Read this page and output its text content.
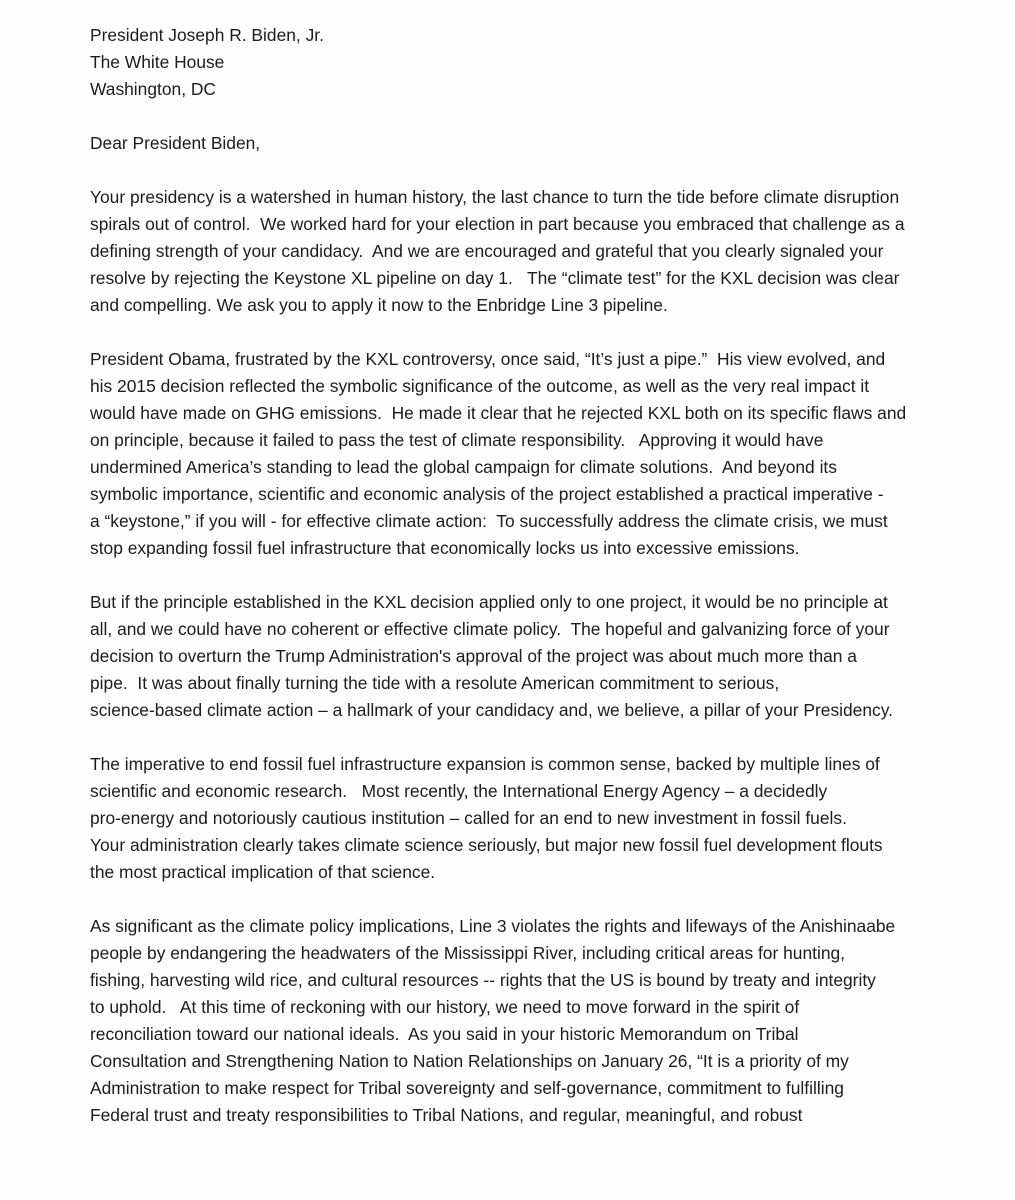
President Joseph R. Biden, Jr.
The White House
Washington, DC
Dear President Biden,
Your presidency is a watershed in human history, the last chance to turn the tide before climate disruption
spirals out of control.  We worked hard for your election in part because you embraced that challenge as a
defining strength of your candidacy.  And we are encouraged and grateful that you clearly signaled your
resolve by rejecting the Keystone XL pipeline on day 1.   The “climate test” for the KXL decision was clear
and compelling. We ask you to apply it now to the Enbridge Line 3 pipeline.
President Obama, frustrated by the KXL controversy, once said, “It’s just a pipe.”  His view evolved, and
his 2015 decision reflected the symbolic significance of the outcome, as well as the very real impact it
would have made on GHG emissions.  He made it clear that he rejected KXL both on its specific flaws and
on principle, because it failed to pass the test of climate responsibility.   Approving it would have
undermined America’s standing to lead the global campaign for climate solutions.  And beyond its
symbolic importance, scientific and economic analysis of the project established a practical imperative -
a “keystone,” if you will - for effective climate action:  To successfully address the climate crisis, we must
stop expanding fossil fuel infrastructure that economically locks us into excessive emissions.
But if the principle established in the KXL decision applied only to one project, it would be no principle at
all, and we could have no coherent or effective climate policy.  The hopeful and galvanizing force of your
decision to overturn the Trump Administration's approval of the project was about much more than a
pipe.  It was about finally turning the tide with a resolute American commitment to serious,
science-based climate action – a hallmark of your candidacy and, we believe, a pillar of your Presidency.
The imperative to end fossil fuel infrastructure expansion is common sense, backed by multiple lines of
scientific and economic research.   Most recently, the International Energy Agency – a decidedly
pro-energy and notoriously cautious institution – called for an end to new investment in fossil fuels.
Your administration clearly takes climate science seriously, but major new fossil fuel development flouts
the most practical implication of that science.
As significant as the climate policy implications, Line 3 violates the rights and lifeways of the Anishinaabe
people by endangering the headwaters of the Mississippi River, including critical areas for hunting,
fishing, harvesting wild rice, and cultural resources -- rights that the US is bound by treaty and integrity
to uphold.   At this time of reckoning with our history, we need to move forward in the spirit of
reconciliation toward our national ideals.  As you said in your historic Memorandum on Tribal
Consultation and Strengthening Nation to Nation Relationships on January 26, “It is a priority of my
Administration to make respect for Tribal sovereignty and self-governance, commitment to fulfilling
Federal trust and treaty responsibilities to Tribal Nations, and regular, meaningful, and robust
